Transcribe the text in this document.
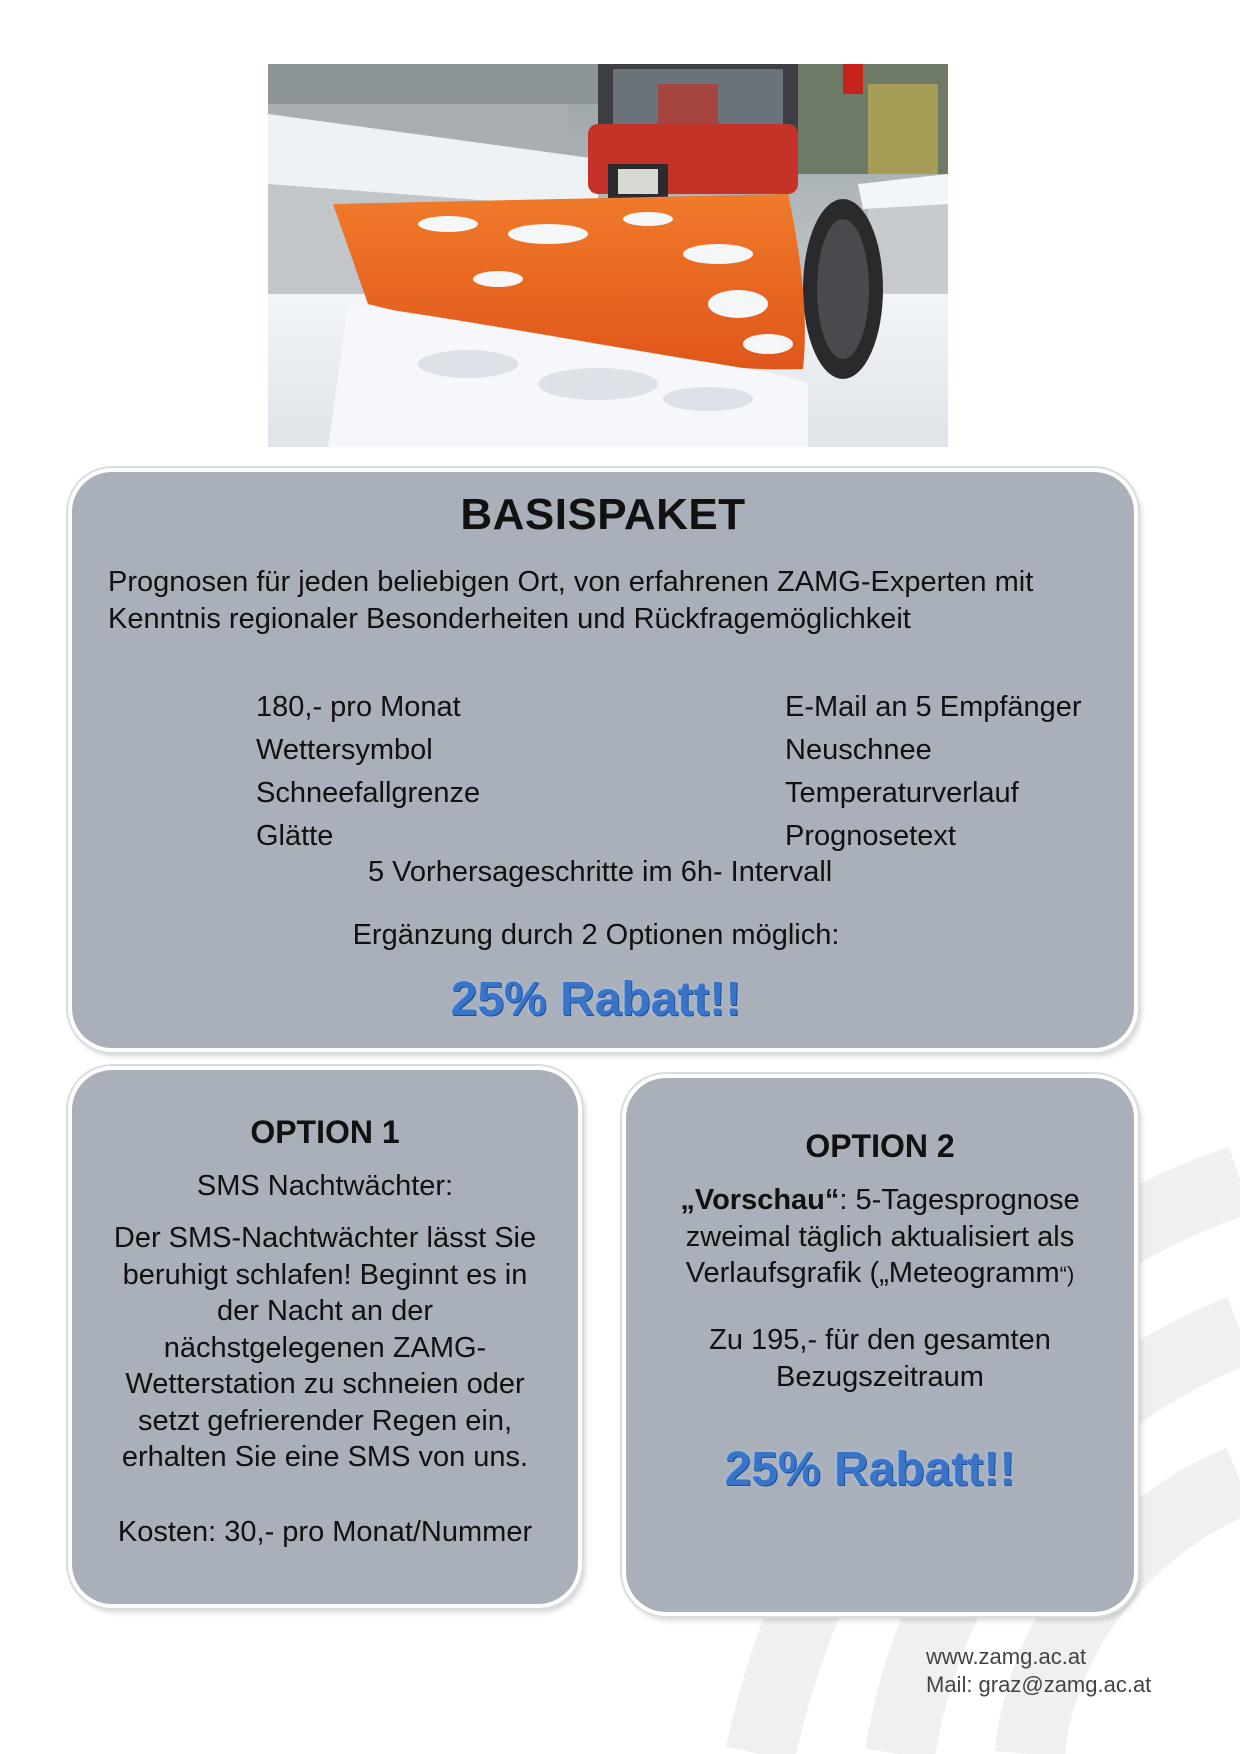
BASISPAKET
Prognosen für jeden beliebigen Ort, von erfahrenen ZAMG-Experten mit Kenntnis regionaler Besonderheiten und Rückfragemöglichkeit
180,- pro Monat
Wettersymbol
Schneefallgrenze
Glätte
E-Mail an 5 Empfänger
Neuschnee
Temperaturverlauf
Prognosetext
5 Vorhersageschritte im 6h- Intervall
Ergänzung durch 2 Optionen möglich:
25% Rabatt!!
OPTION 1
SMS Nachtwächter:
Der SMS-Nachtwächter lässt Sie
beruhigt schlafen! Beginnt es in
der Nacht an der
nächstgelegenen ZAMG-
Wetterstation zu schneien oder
setzt gefrierender Regen ein,
erhalten Sie eine SMS von uns.
Kosten: 30,- pro Monat/Nummer
OPTION 2
„Vorschau“: 5-Tagesprognose
zweimal täglich aktualisiert als
Verlaufsgrafik („Meteogramm“)
Zu 195,- für den gesamten
Bezugszeitraum
25% Rabatt!!
www.zamg.ac.at
Mail: graz@zamg.ac.at
